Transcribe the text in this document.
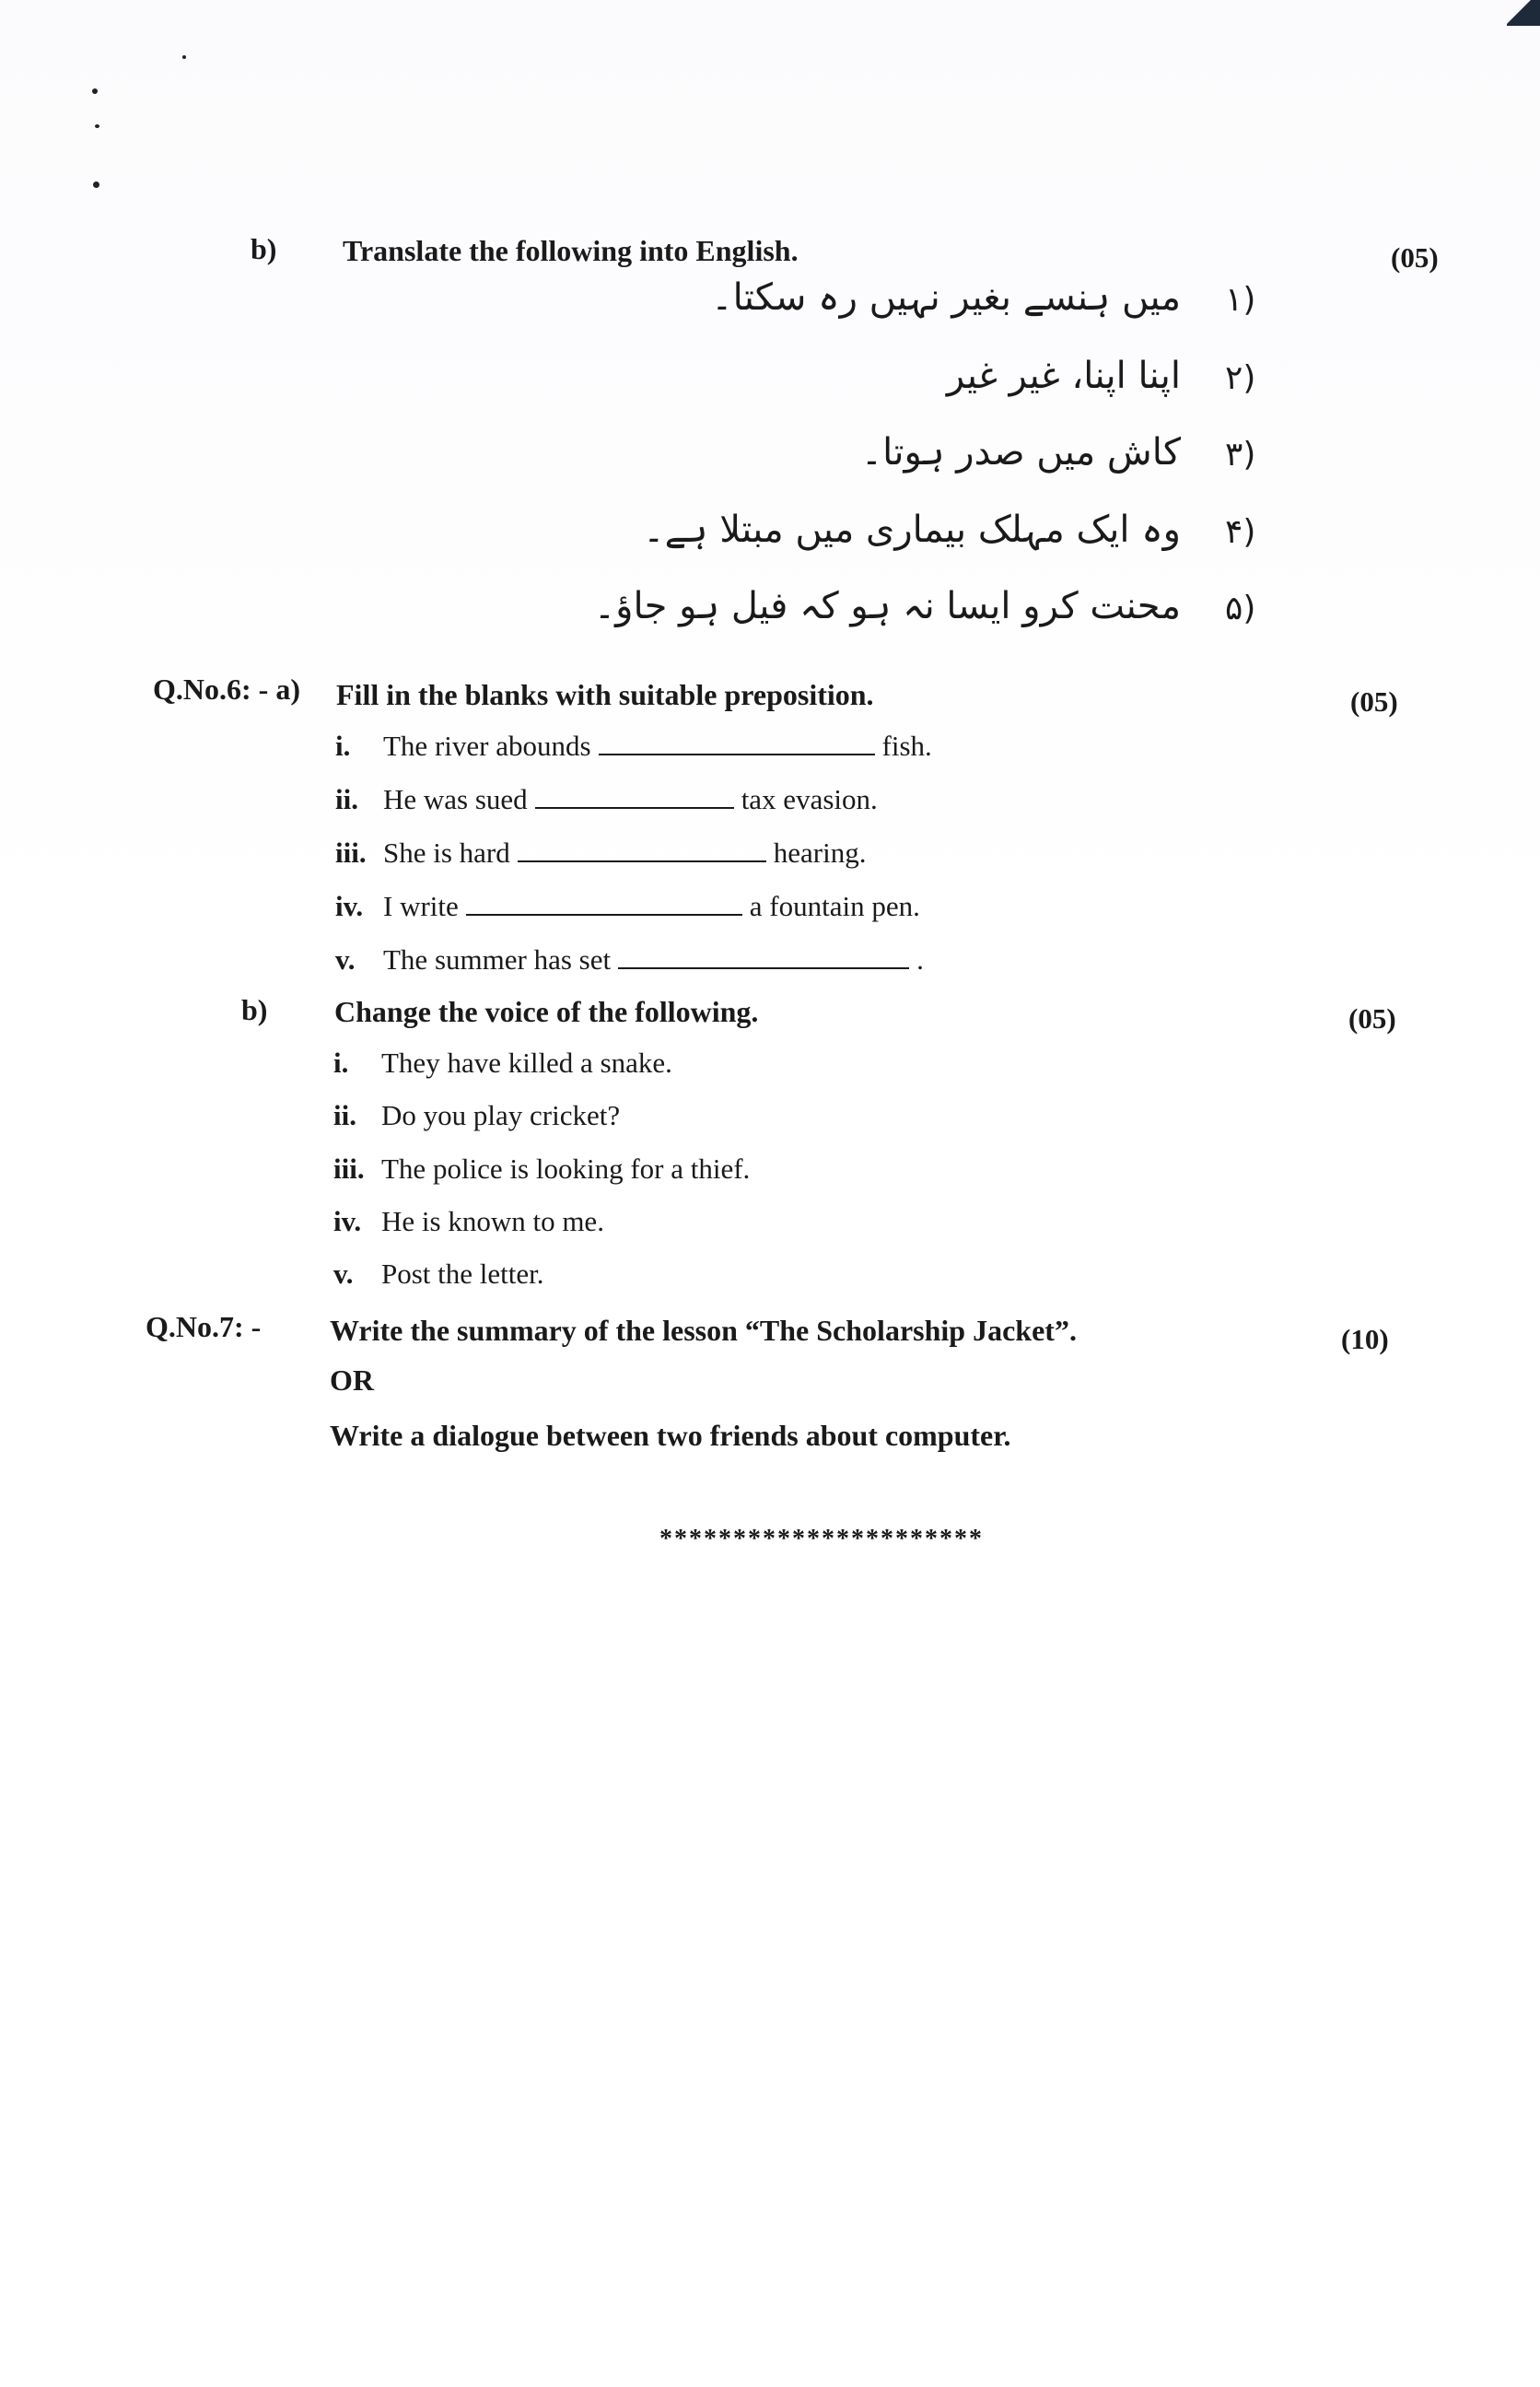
b) Translate the following into English.	(05)
میں ہنسے بغیر نہیں رہ سکتا۔ ۱)
اپنا اپنا، غیر غیر ۲)
کاش میں صدر ہوتا۔ ۳)
وہ ایک مہلک بیماری میں مبتلا ہے۔ ۴)
محنت کرو ایسا نہ ہو کہ فیل ہو جاؤ۔ ۵)
Q.No.6: - a) Fill in the blanks with suitable preposition.	(05)
i.	The river abounds	fish.
ii. He was sued	tax evasion.
iii. She is hard	hearing.
iv. I write	a fountain pen.
v. The summer has set	.
b) Change the voice of the following.	(05)
i.	They have killed a snake.
ii. Do you play cricket?
iii. The police is looking for a thief.
iv. He is known to me.
v. Post the letter.
Q.No.7: - Write the summary of the lesson “The Scholarship Jacket”.	(10)
OR
Write a dialogue between two friends about computer.
**********************
